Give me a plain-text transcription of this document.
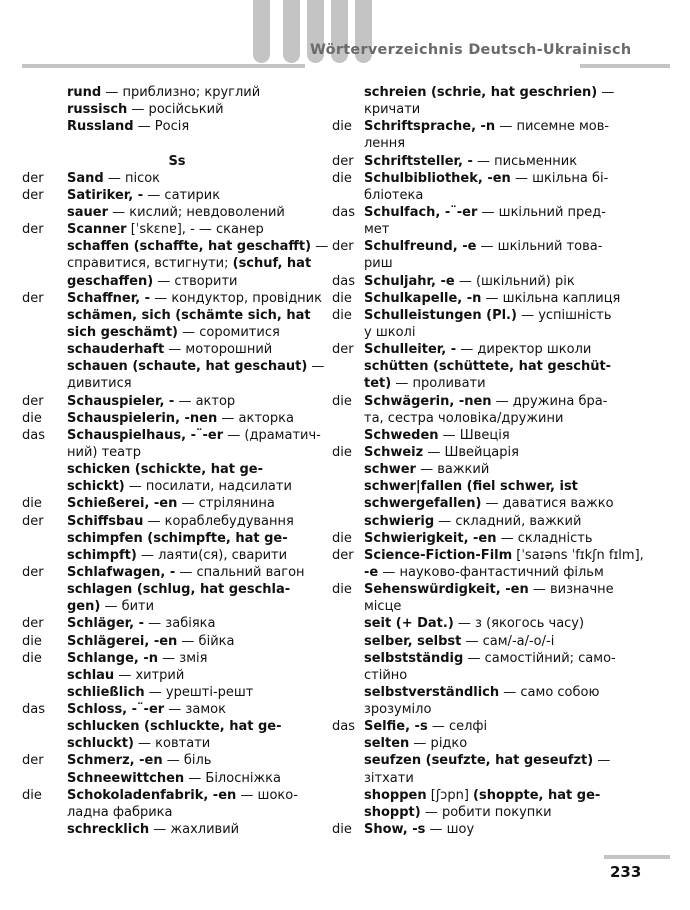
Wörterverzeichnis Deutsch-Ukrainisch
rund — приблизно; круглий
russisch — російський
Russland — Росія
Ss
der	Sand — пісок
der	Satiriker, - — сатирик
sauer — кислий; невдоволений
der	Scanner [ˈskɛnɐ], - — сканер
schaffen (schaffte, hat geschafft) —
справитися, встигнути; (schuf, hat
geschaffen) — створити
der	Schaffner, - — кондуктор, провідник
schämen, sich (schämte sich, hat
sich geschämt) — соромитися
schauderhaft — моторошний
schauen (schaute, hat geschaut) —
дивитися
der	Schauspieler, - — актор
die	Schauspielerin, -nen — акторка
das	Schauspielhaus, -¨-er — (драматич-
ний) театр
schicken (schickte, hat ge-
schickt) — посилати, надсилати
die	Schießerei, -en — стрілянина
der	Schiffsbau — кораблебудування
schimpfen (schimpfte, hat ge-
schimpft) — лаяти(ся), сварити
der	Schlafwagen, - — спальний вагон
schlagen (schlug, hat geschla-
gen) — бити
der	Schläger, - — забіяка
die	Schlägerei, -en — бійка
die	Schlange, -n — змія
schlau — хитрий
schließlich — урешті-решт
das	Schloss, -¨-er — замок
schlucken (schluckte, hat ge-
schluckt) — ковтати
der	Schmerz, -en — біль
Schneewittchen — Білосніжка
die	Schokoladenfabrik, -en — шоко-
ладна фабрика
schrecklich — жахливий
schreien (schrie, hat geschrien) —
кричати
die Schriftsprache, -n — писемне мов-
лення
der Schriftsteller, - — письменник
die Schulbibliothek, -en — шкільна бі-
бліотека
das Schulfach, -¨-er — шкільний пред-
мет
der Schulfreund, -e — шкільний това-
риш
das Schuljahr, -e — (шкільний) рік
die Schulkapelle, -n — шкільна каплиця
die Schulleistungen (Pl.) — успішність
у школі
der Schulleiter, - — директор школи
schütten (schüttete, hat geschüt-
tet) — проливати
die Schwägerin, -nen — дружина бра-
та, сестра чоловіка/дружини
Schweden — Швеція
die Schweiz — Швейцарія
schwer — важкий
schwer|fallen (fiel schwer, ist
schwergefallen) — даватися важко
schwierig — складний, важкий
die Schwierigkeit, -en — складність
der Science-Fiction-Film [ˈsaɪəns ˈfɪkʃn fɪlm],
-e — науково-фантастичний фільм
die Sehenswürdigkeit, -en — визначне
місце
seit (+ Dat.) — з (якогось часу)
selber, selbst — сам/-а/-о/-і
selbstständig — самостійний; само-
стійно
selbstverständlich — само собою
зрозуміло
das Selfie, -s — селфі
selten — рідко
seufzen (seufzte, hat geseufzt) —
зітхати
shoppen [ʃɔpn] (shoppte, hat ge-
shoppt) — робити покупки
die Show, -s — шоу
233
